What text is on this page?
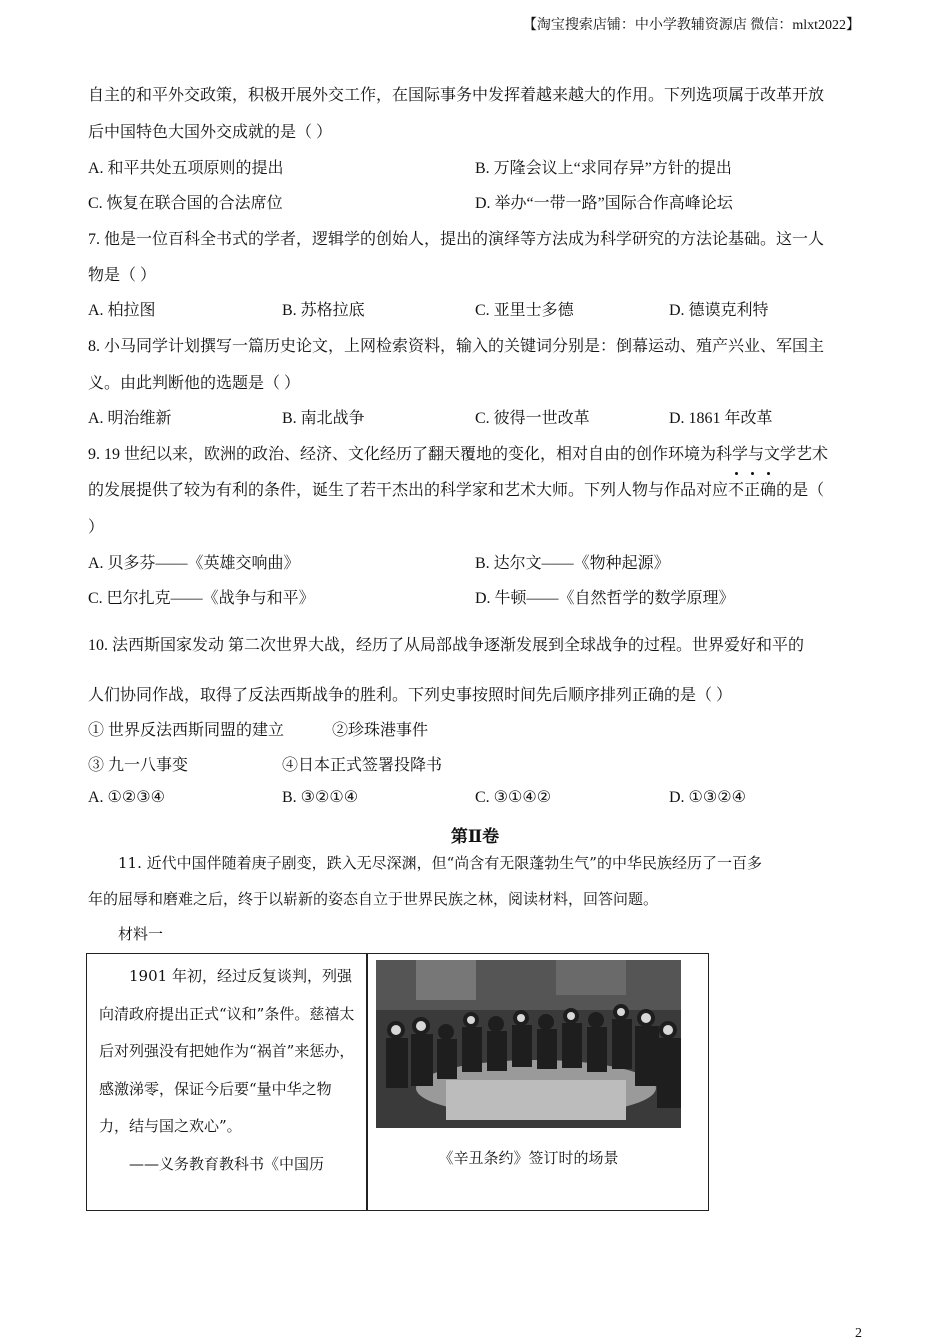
【淘宝搜索店铺：中小学教辅资源店 微信：mlxt2022】
自主的和平外交政策，积极开展外交工作，在国际事务中发挥着越来越大的作用。下列选项属于改革开放
后中国特色大国外交成就的是（ ）
A. 和平共处五项原则的提出	B. 万隆会议上“求同存异”方针的提出
C. 恢复在联合国的合法席位	D. 举办“一带一路”国际合作高峰论坛
7. 他是一位百科全书式的学者，逻辑学的创始人，提出的演绎等方法成为科学研究的方法论基础。这一人
物是（ ）
A. 柏拉图	B. 苏格拉底	C. 亚里士多德	D. 德谟克利特
8. 小马同学计划撰写一篇历史论文，上网检索资料，输入的关键词分别是：倒幕运动、殖产兴业、军国主
义。由此判断他的选题是（ ）
A. 明治维新	B. 南北战争	C. 彼得一世改革	D. 1861 年改革
9. 19 世纪以来，欧洲的政治、经济、文化经历了翻天覆地的变化，相对自由的创作环境为科学与文学艺术
的发展提供了较为有利的条件，诞生了若干杰出的科学家和艺术大师。下列人物与作品对应不正确的是（
）
A. 贝多芬——《英雄交响曲》	B. 达尔文——《物种起源》
C. 巴尔扎克——《战争与和平》	D. 牛顿——《自然哲学的数学原理》
10. 法西斯国家发动 第二次世界大战，经历了从局部战争逐渐发展到全球战争的过程。世界爱好和平的
人们协同作战，取得了反法西斯战争的胜利。下列史事按照时间先后顺序排列正确的是（ ）
① 世界反法西斯同盟的建立	②珍珠港事件
③ 九一八事变	④日本正式签署投降书
A. ①②③④	B. ③②①④	C. ③①④②	D. ①③②④
第Ⅱ卷
11. 近代中国伴随着庚子剧变，跌入无尽深渊，但“尚含有无限蓬勃生气”的中华民族经历了一百多
年的屈辱和磨难之后，终于以崭新的姿态自立于世界民族之林，阅读材料，回答问题。
材料一
　　1901 年初，经过反复谈判，列强向清政府提出正式“议和”条件。慈禧太后对列强没有把她作为“祸首”来惩办，感激涕零，保证今后要“量中华之物力，结与国之欢心”。
　　——义务教育教科书《中国历	《辛丑条约》签订时的场景
2
